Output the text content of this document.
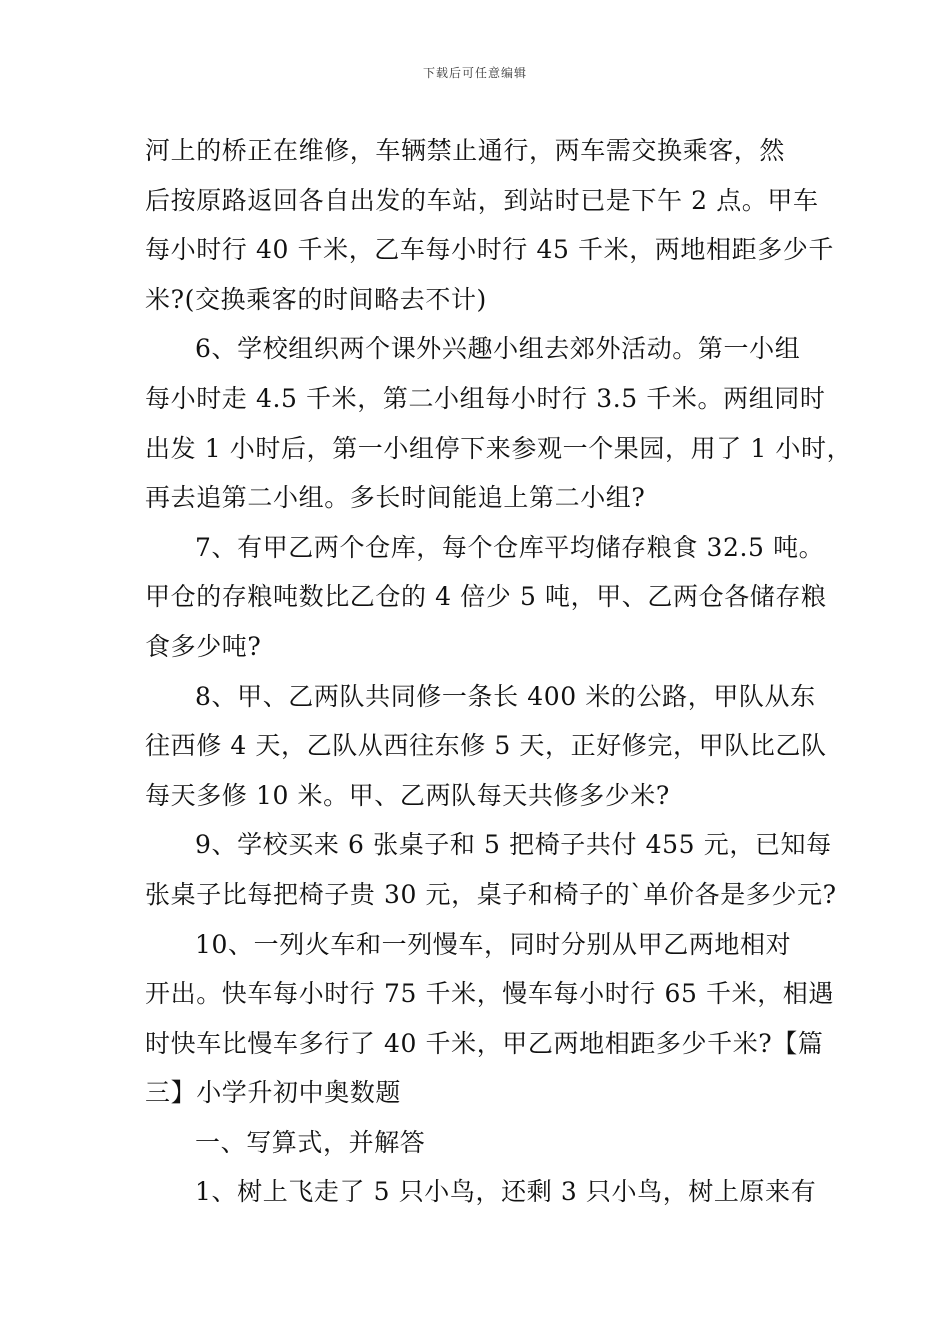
下载后可任意编辑
河上的桥正在维修，车辆禁止通行，两车需交换乘客，然
后按原路返回各自出发的车站，到站时已是下午 2 点。甲车
每小时行 40 千米，乙车每小时行 45 千米，两地相距多少千
米?(交换乘客的时间略去不计)
6、学校组织两个课外兴趣小组去郊外活动。第一小组
每小时走 4.5 千米，第二小组每小时行 3.5 千米。两组同时
出发 1 小时后，第一小组停下来参观一个果园，用了 1 小时，
再去追第二小组。多长时间能追上第二小组?
7、有甲乙两个仓库，每个仓库平均储存粮食 32.5 吨。
甲仓的存粮吨数比乙仓的 4 倍少 5 吨，甲、乙两仓各储存粮
食多少吨?
8、甲、乙两队共同修一条长 400 米的公路，甲队从东
往西修 4 天，乙队从西往东修 5 天，正好修完，甲队比乙队
每天多修 10 米。甲、乙两队每天共修多少米?
9、学校买来 6 张桌子和 5 把椅子共付 455 元，已知每
张桌子比每把椅子贵 30 元，桌子和椅子的`单价各是多少元?
10、一列火车和一列慢车，同时分别从甲乙两地相对
开出。快车每小时行 75 千米，慢车每小时行 65 千米，相遇
时快车比慢车多行了 40 千米，甲乙两地相距多少千米?【篇
三】小学升初中奥数题
一、写算式，并解答
1、树上飞走了 5 只小鸟，还剩 3 只小鸟，树上原来有
